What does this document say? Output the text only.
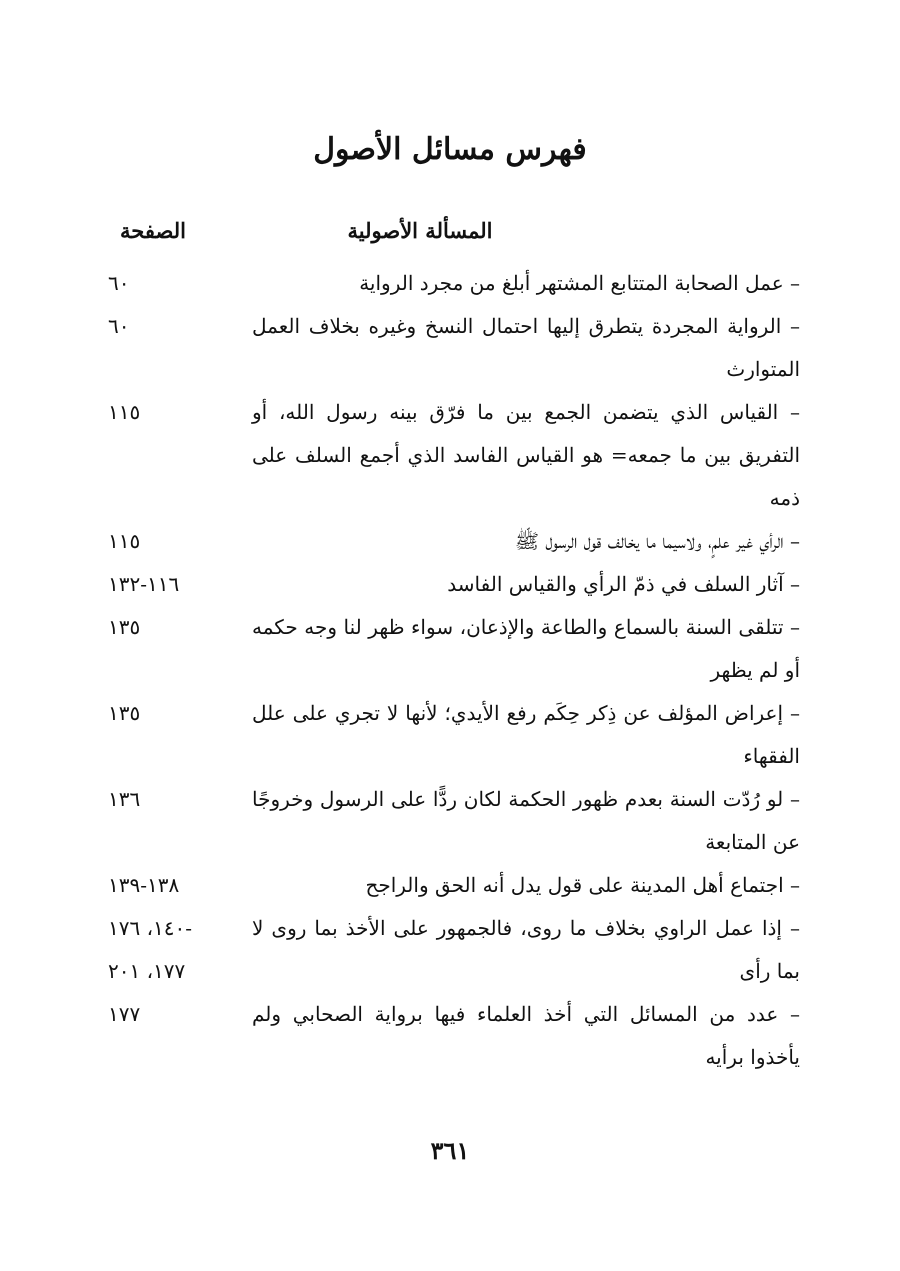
فهرس مسائل الأصول
المسألة الأصولية
الصفحة
– عمل الصحابة المتتابع المشتهر أبلغ من مجرد الرواية
٦٠
– الرواية المجردة يتطرق إليها احتمال النسخ وغيره بخلاف العمل المتوارث
٦٠
– القياس الذي يتضمن الجمع بين ما فرّق بينه رسول الله، أو التفريق بين ما جمعه= هو القياس الفاسد الذي أجمع السلف على ذمه
١١٥
– الرأي غير علمٍ، ولاسيما ما يخالف قول الرسول ﷺ
١١٥
– آثار السلف في ذمّ الرأي والقياس الفاسد
١١٦-١٣٢
– تتلقى السنة بالسماع والطاعة والإذعان، سواء ظهر لنا وجه حكمه أو لم يظهر
١٣٥
– إعراض المؤلف عن ذِكر حِكَم رفع الأيدي؛ لأنها لا تجري على علل الفقهاء
١٣٥
– لو رُدّت السنة بعدم ظهور الحكمة لكان ردًّا على الرسول وخروجًا عن المتابعة
١٣٦
– اجتماع أهل المدينة على قول يدل أنه الحق والراجح
١٣٨-١٣٩
– إذا عمل الراوي بخلاف ما روى، فالجمهور على الأخذ بما روى لا بما رأى
١٤٠، ١٧٦-
١٧٧، ٢٠١
– عدد من المسائل التي أخذ العلماء فيها برواية الصحابي ولم يأخذوا برأيه
١٧٧
٣٦١
